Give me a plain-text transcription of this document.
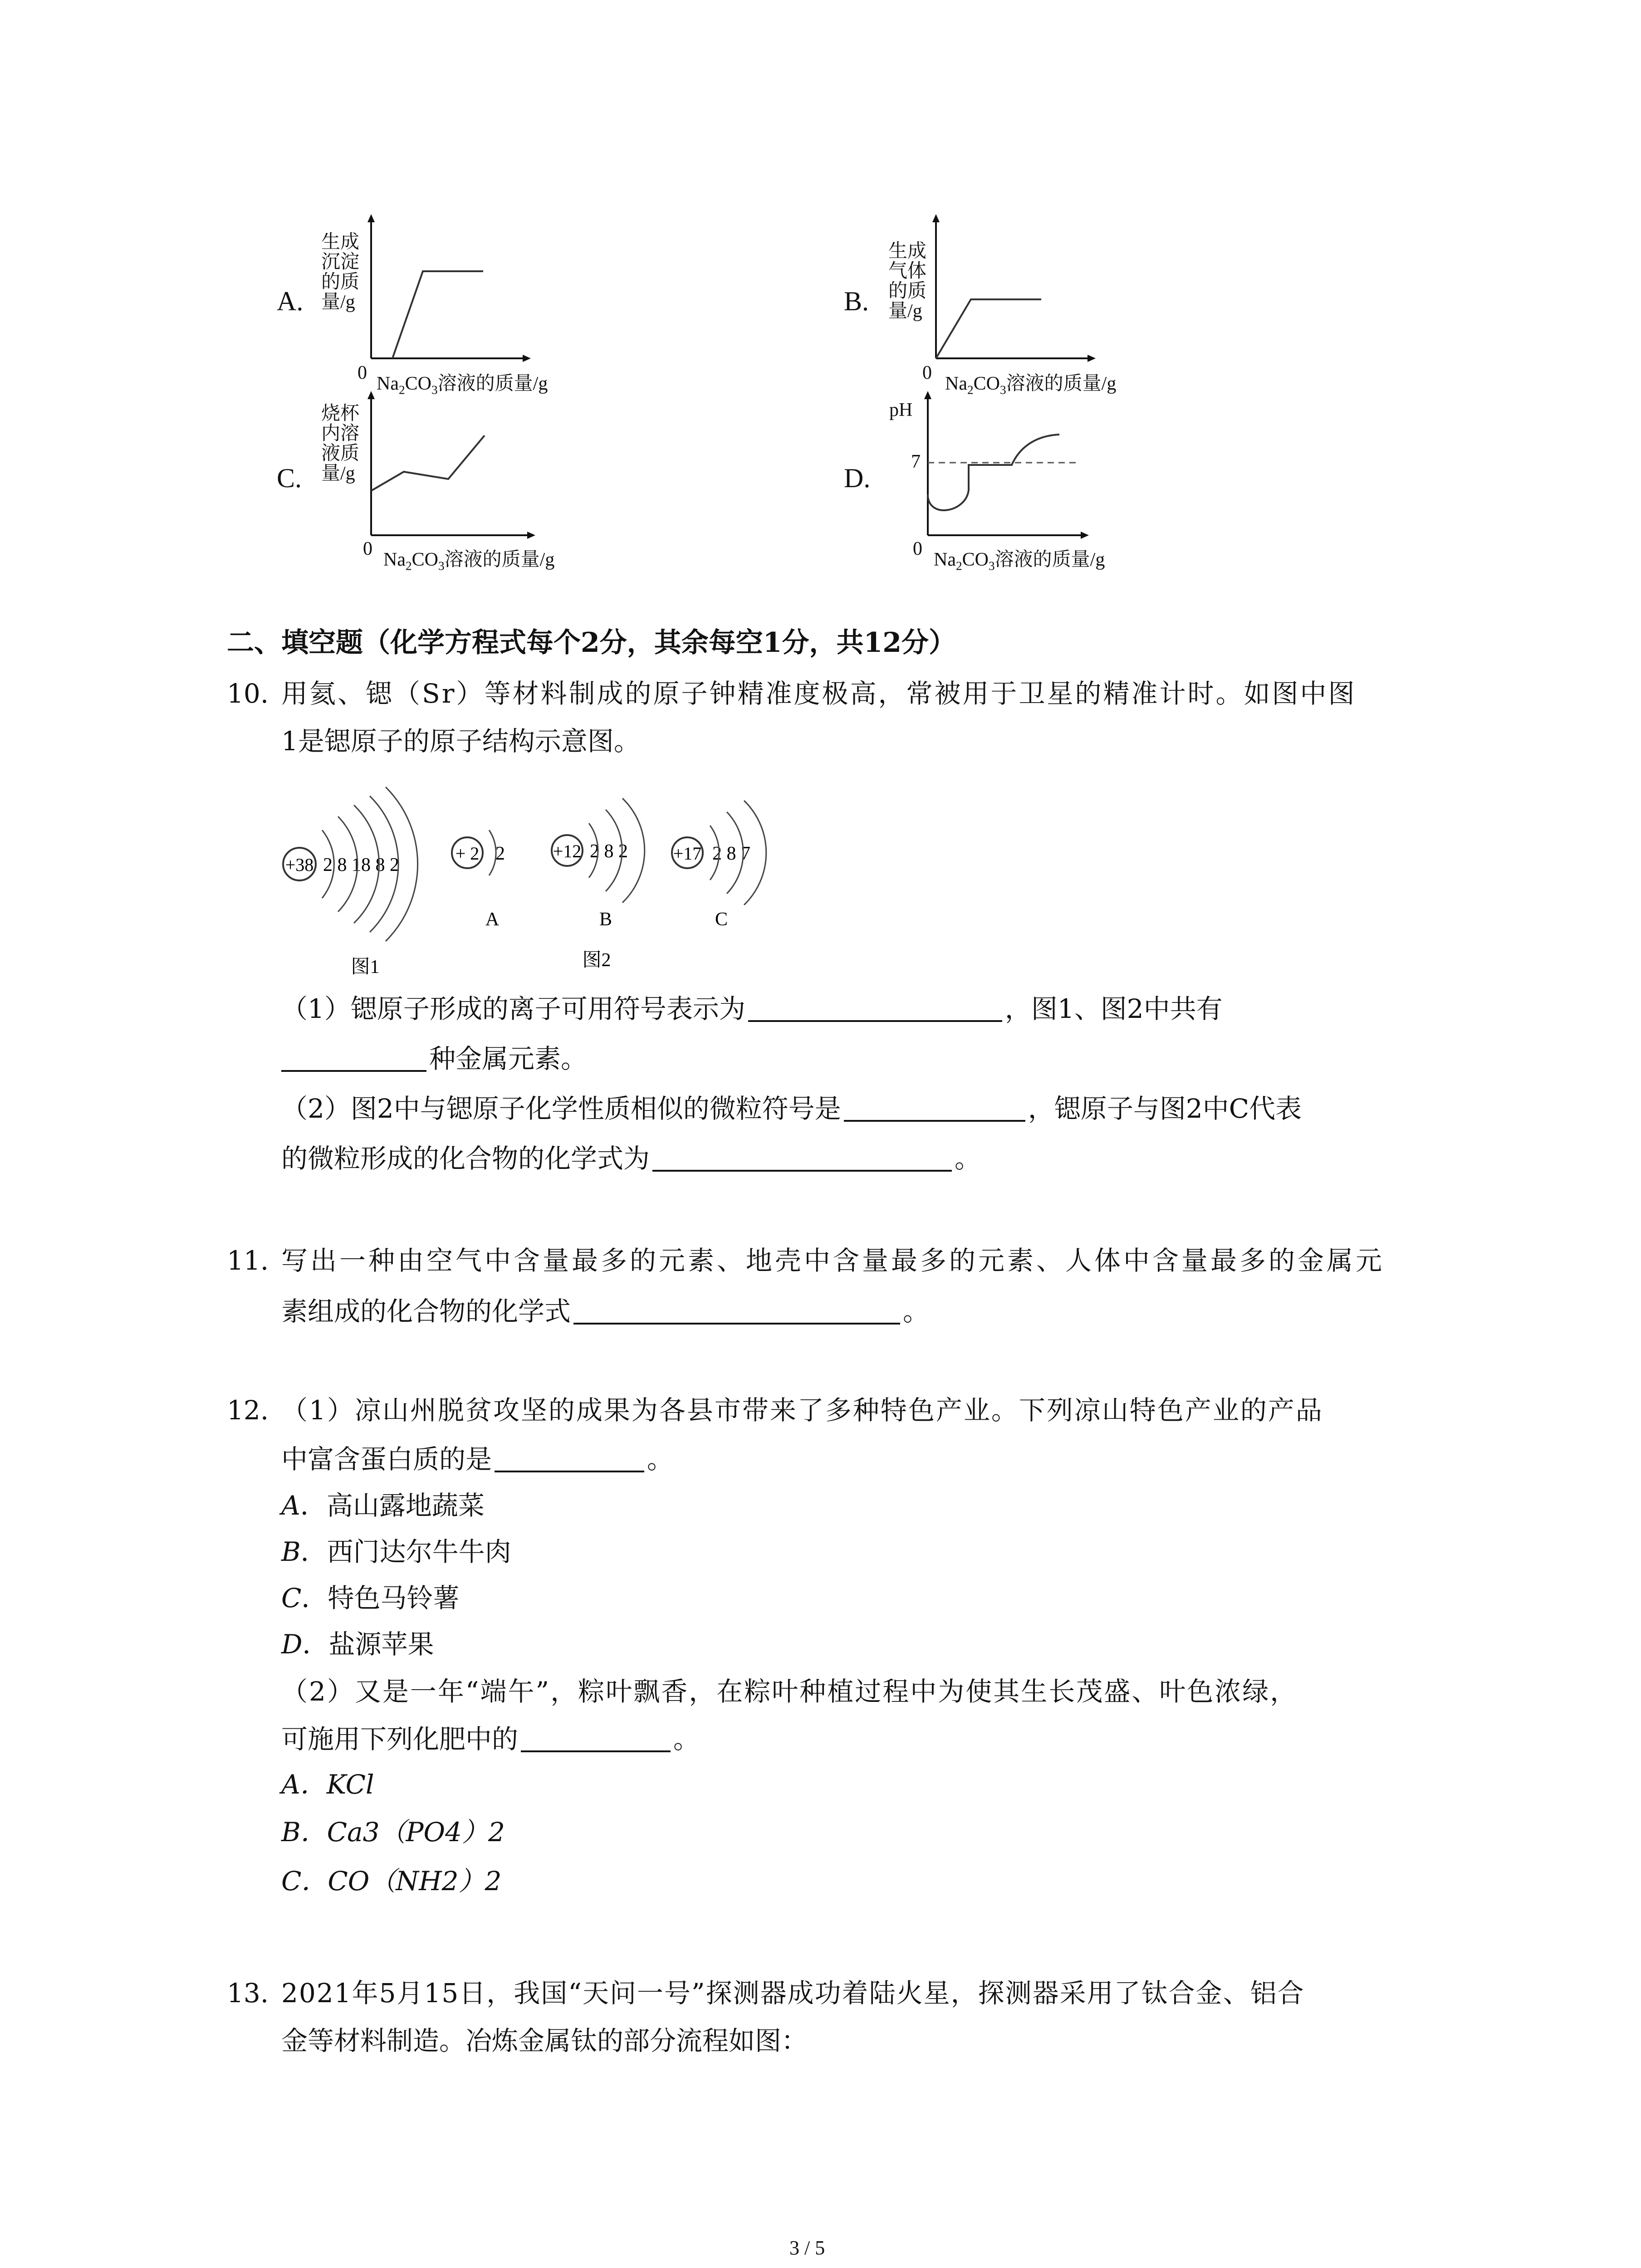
A.
生成
沉淀
的质
量/g
0
$Na_2CO_3$溶液的质量/g
B.
生成
气体
的质
量/g
0
$Na_2CO_3$溶液的质量/g
C.
烧杯
内溶
液质
量/g
0
$Na_2CO_3$溶液的质量/g
D.
pH
7
0
$Na_2CO_3$溶液的质量/g
二、填空题（化学方程式每个2分，其余每空1分，共12分）
10. 用氦、锶（Sr）等材料制成的原子钟精准度极高，常被用于卫星的精准计时。如图中图
1是锶原子的原子结构示意图。
+38 2 8 18 8 2
图1
+ 2 2
A
+12 2 8 2
B
图2
+17 2 8 7
C
（1）锶原子形成的离子可用符号表示为	，图1、图2中共有
种金属元素。
（2）图2中与锶原子化学性质相似的微粒符号是	，锶原子与图2中C代表
的微粒形成的化合物的化学式为	。
11. 写出一种由空气中含量最多的元素、地壳中含量最多的元素、人体中含量最多的金属元
素组成的化合物的化学式	。
12. （1）凉山州脱贫攻坚的成果为各县市带来了多种特色产业。下列凉山特色产业的产品
中富含蛋白质的是	。
A．高山露地蔬菜
B．西门达尔牛牛肉
C．特色马铃薯
D．盐源苹果
（2）又是一年“端午”，粽叶飘香，在粽叶种植过程中为使其生长茂盛、叶色浓绿，
可施用下列化肥中的	。
A．KCl
B．Ca3（PO4）2
C．CO（NH2）2
13. 2021年5月15日，我国“天问一号”探测器成功着陆火星，探测器采用了钛合金、铝合
金等材料制造。冶炼金属钛的部分流程如图：
3 / 5
